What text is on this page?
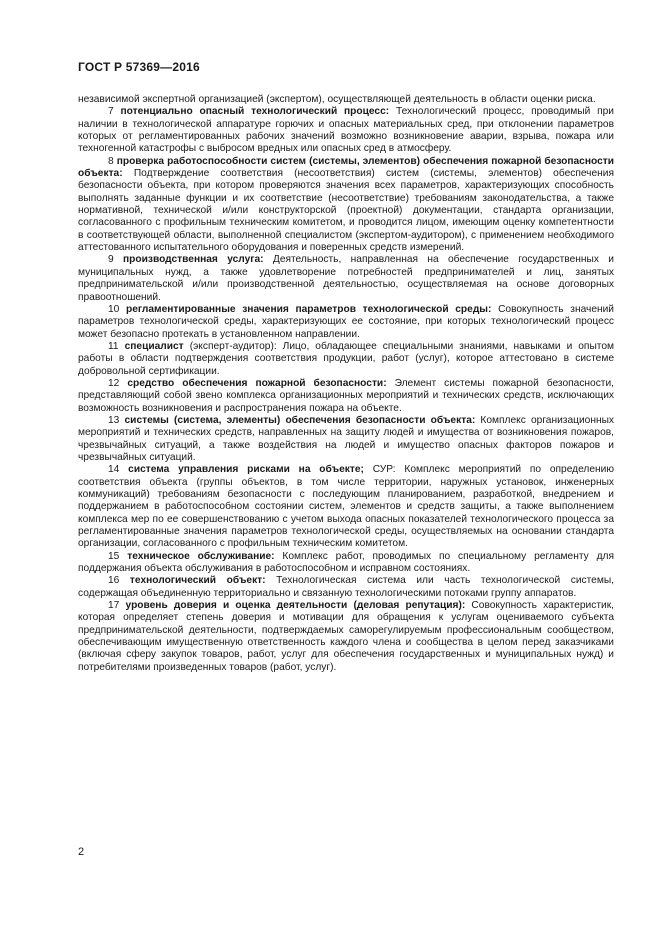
ГОСТ Р 57369—2016

независимой экспертной организацией (экспертом), осуществляющей деятельность в области оценки риска.

7 потенциально опасный технологический процесс: Технологический процесс, проводимый при наличии в технологической аппаратуре горючих и опасных материальных сред, при отклонении параметров которых от регламентированных рабочих значений возможно возникновение аварии, взрыва, пожара или техногенной катастрофы с выбросом вредных или опасных сред в атмосферу.

8 проверка работоспособности систем (системы, элементов) обеспечения пожарной безопасности объекта: Подтверждение соответствия (несоответствия) систем (системы, элементов) обеспечения безопасности объекта, при котором проверяются значения всех параметров, характеризующих способность выполнять заданные функции и их соответствие (несоответствие) требованиям законодательства, а также нормативной, технической и/или конструкторской (проектной) документации, стандарта организации, согласованного с профильным техническим комитетом, и проводится лицом, имеющим оценку компетентности в соответствующей области, выполненной специалистом (экспертом-аудитором), с применением необходимого аттестованного испытательного оборудования и поверенных средств измерений.

9 производственная услуга: Деятельность, направленная на обеспечение государственных и муниципальных нужд, а также удовлетворение потребностей предпринимателей и лиц, занятых предпринимательской и/или производственной деятельностью, осуществляемая на основе договорных правоотношений.

10 регламентированные значения параметров технологической среды: Совокупность значений параметров технологической среды, характеризующих ее состояние, при которых технологический процесс может безопасно протекать в установленном направлении.

11 специалист (эксперт-аудитор): Лицо, обладающее специальными знаниями, навыками и опытом работы в области подтверждения соответствия продукции, работ (услуг), которое аттестовано в системе добровольной сертификации.

12 средство обеспечения пожарной безопасности: Элемент системы пожарной безопасности, представляющий собой звено комплекса организационных мероприятий и технических средств, исключающих возможность возникновения и распространения пожара на объекте.

13 системы (система, элементы) обеспечения безопасности объекта: Комплекс организационных мероприятий и технических средств, направленных на защиту людей и имущества от возникновения пожаров, чрезвычайных ситуаций, а также воздействия на людей и имущество опасных факторов пожаров и чрезвычайных ситуаций.

14 система управления рисками на объекте; СУР: Комплекс мероприятий по определению соответствия объекта (группы объектов, в том числе территории, наружных установок, инженерных коммуникаций) требованиям безопасности с последующим планированием, разработкой, внедрением и поддержанием в работоспособном состоянии систем, элементов и средств защиты, а также выполнением комплекса мер по ее совершенствованию с учетом выхода опасных показателей технологического процесса за регламентированные значения параметров технологической среды, осуществляемых на основании стандарта организации, согласованного с профильным техническим комитетом.

15 техническое обслуживание: Комплекс работ, проводимых по специальному регламенту для поддержания объекта обслуживания в работоспособном и исправном состояниях.

16 технологический объект: Технологическая система или часть технологической системы, содержащая объединенную территориально и связанную технологическими потоками группу аппаратов.

17 уровень доверия и оценка деятельности (деловая репутация): Совокупность характеристик, которая определяет степень доверия и мотивации для обращения к услугам оцениваемого субъекта предпринимательской деятельности, подтверждаемых саморегулируемым профессиональным сообществом, обеспечивающим имущественную ответственность каждого члена и сообщества в целом перед заказчиками (включая сферу закупок товаров, работ, услуг для обеспечения государственных и муниципальных нужд) и потребителями произведенных товаров (работ, услуг).

2
